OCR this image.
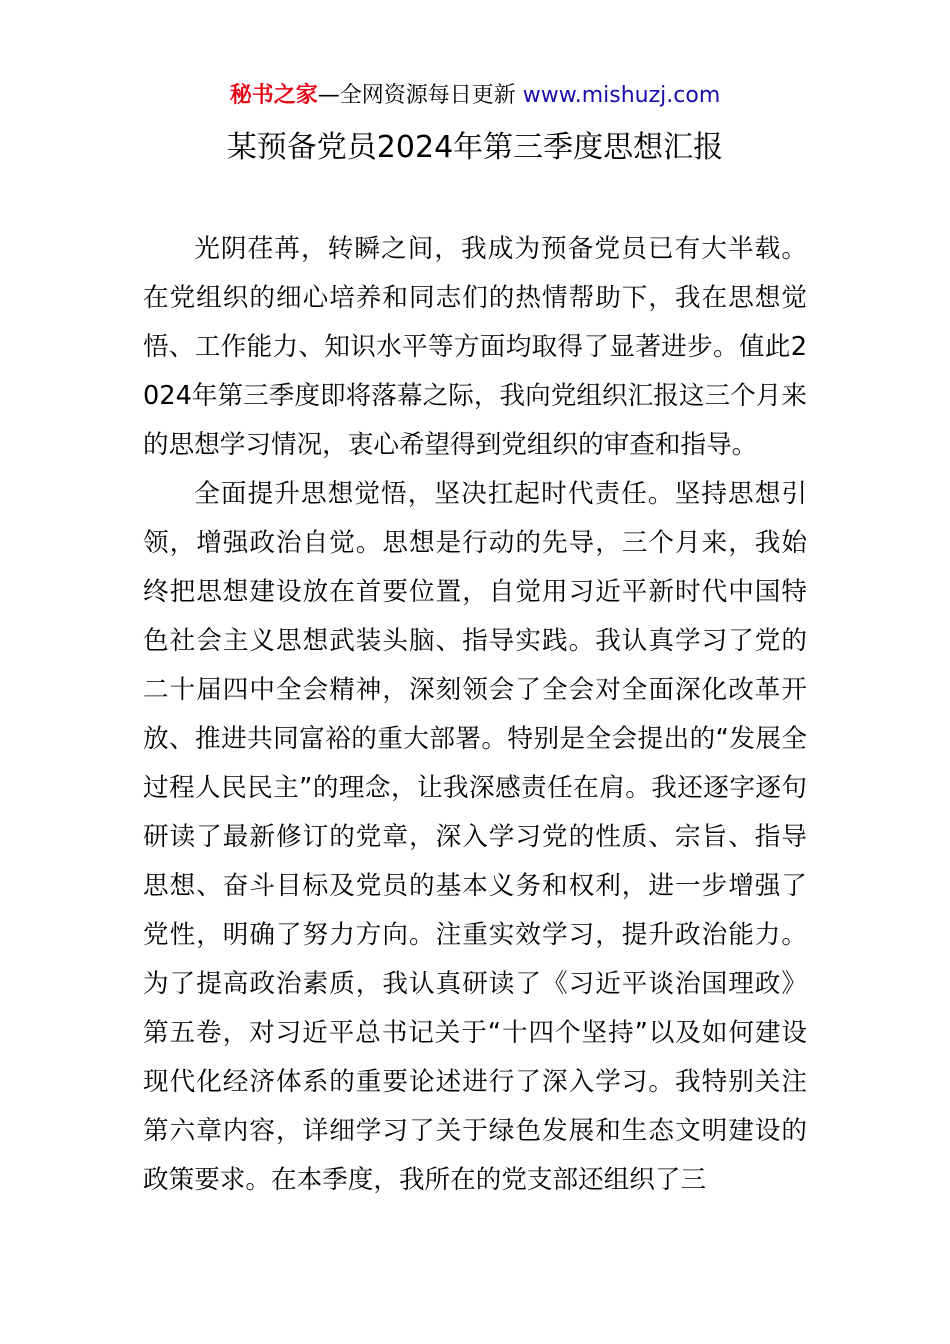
秘书之家—全网资源每日更新 www.mishuzj.com
某预备党员2024年第三季度思想汇报

光阴荏苒，转瞬之间，我成为预备党员已有大半载。在党组织的细心培养和同志们的热情帮助下，我在思想觉悟、工作能力、知识水平等方面均取得了显著进步。值此2024年第三季度即将落幕之际，我向党组织汇报这三个月来的思想学习情况，衷心希望得到党组织的审查和指导。

全面提升思想觉悟，坚决扛起时代责任。坚持思想引领，增强政治自觉。思想是行动的先导，三个月来，我始终把思想建设放在首要位置，自觉用习近平新时代中国特色社会主义思想武装头脑、指导实践。我认真学习了党的二十届四中全会精神，深刻领会了全会对全面深化改革开放、推进共同富裕的重大部署。特别是全会提出的“发展全过程人民民主”的理念，让我深感责任在肩。我还逐字逐句研读了最新修订的党章，深入学习党的性质、宗旨、指导思想、奋斗目标及党员的基本义务和权利，进一步增强了党性，明确了努力方向。注重实效学习，提升政治能力。为了提高政治素质，我认真研读了《习近平谈治国理政》第五卷，对习近平总书记关于“十四个坚持”以及如何建设现代化经济体系的重要论述进行了深入学习。我特别关注第六章内容，详细学习了关于绿色发展和生态文明建设的政策要求。在本季度，我所在的党支部还组织了三
